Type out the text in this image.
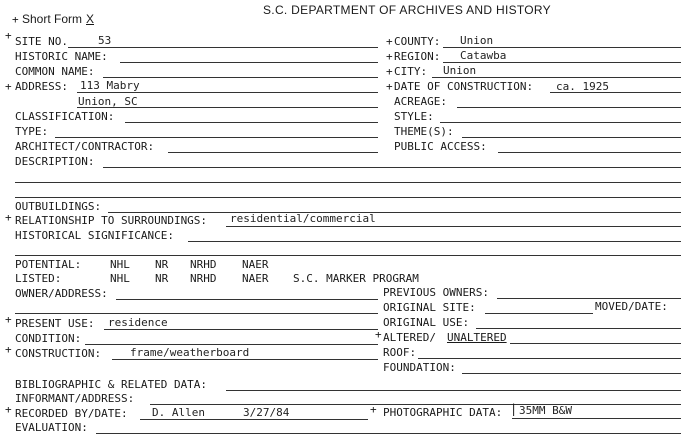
+ Short Form X
S.C. DEPARTMENT OF ARCHIVES AND HISTORY
+ SITE NO.	53	+ COUNTY: Union
HISTORIC NAME:	+ REGION: Catawba
COMMON NAME:	+ CITY: Union
+ ADDRESS: 113 Mabry	+ DATE OF CONSTRUCTION: ca. 1925
Union, SC	ACREAGE:
CLASSIFICATION:	STYLE:
TYPE:	THEME(S):
ARCHITECT/CONTRACTOR:	PUBLIC ACCESS:
DESCRIPTION:
OUTBUILDINGS:
+ RELATIONSHIP TO SURROUNDINGS: residential/commercial
HISTORICAL SIGNIFICANCE:
POTENTIAL:	NHL NR NRHD NAER
LISTED:	NHL NR NRHD NAER S.C. MARKER PROGRAM
OWNER/ADDRESS:	PREVIOUS OWNERS:
ORIGINAL SITE:	MOVED/DATE:
+ PRESENT USE: residence	ORIGINAL USE:
CONDITION:	+ ALTERED/ UNALTERED
+ CONSTRUCTION:	frame/weatherboard	ROOF:
FOUNDATION:
BIBLIOGRAPHIC & RELATED DATA:
INFORMANT/ADDRESS:
+ RECORDED BY/DATE: D. Allen	3/27/84	+ PHOTOGRAPHIC DATA: | 35MM B&W
EVALUATION:
